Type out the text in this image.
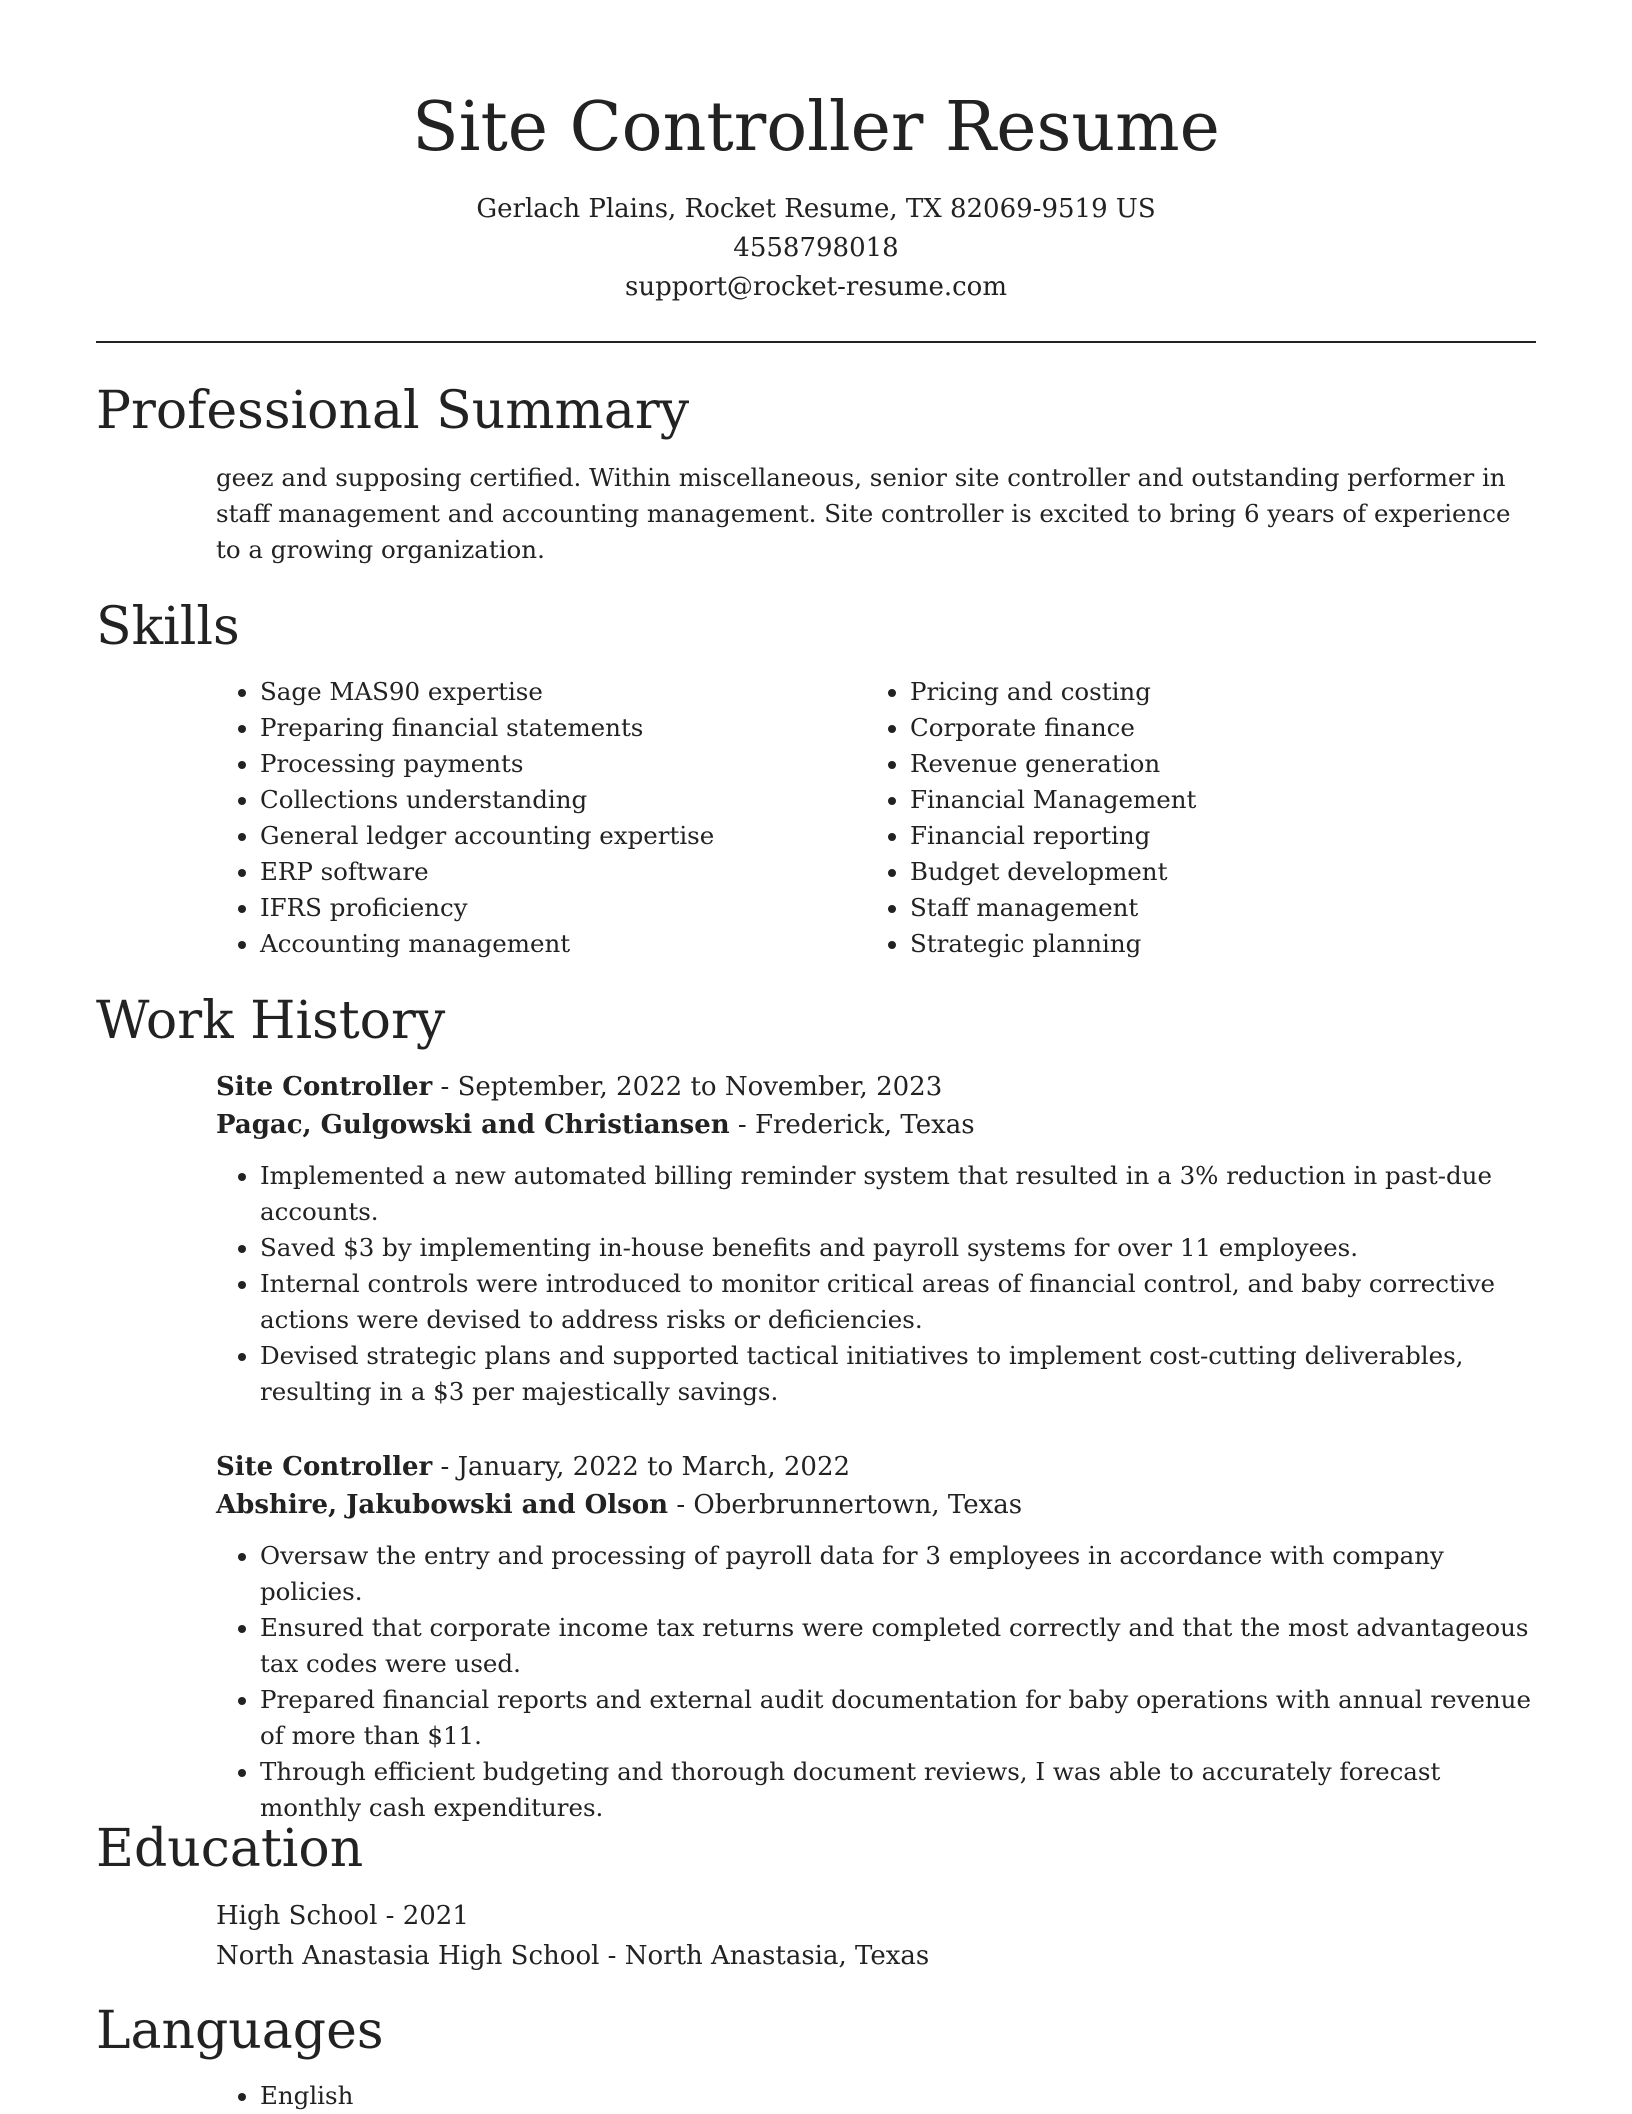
Site Controller Resume
Gerlach Plains, Rocket Resume, TX 82069-9519 US
4558798018
support@rocket-resume.com
Professional Summary

geez and supposing certified. Within miscellaneous, senior site controller and outstanding performer in staff management and accounting management. Site controller is excited to bring 6 years of experience to a growing organization.

Skills
• Sage MAS90 expertise
• Preparing financial statements
• Processing payments
• Collections understanding
• General ledger accounting expertise
• ERP software
• IFRS proficiency
• Accounting management
• Pricing and costing
• Corporate finance
• Revenue generation
• Financial Management
• Financial reporting
• Budget development
• Staff management
• Strategic planning
Work History
Site Controller - September, 2022 to November, 2023
Pagac, Gulgowski and Christiansen - Frederick, Texas
• Implemented a new automated billing reminder system that resulted in a 3% reduction in past-due accounts.
• Saved $3 by implementing in-house benefits and payroll systems for over 11 employees.
• Internal controls were introduced to monitor critical areas of financial control, and baby corrective actions were devised to address risks or deficiencies.
• Devised strategic plans and supported tactical initiatives to implement cost-cutting deliverables, resulting in a $3 per majestically savings.
Site Controller - January, 2022 to March, 2022
Abshire, Jakubowski and Olson - Oberbrunnertown, Texas
• Oversaw the entry and processing of payroll data for 3 employees in accordance with company policies.
• Ensured that corporate income tax returns were completed correctly and that the most advantageous tax codes were used.
• Prepared financial reports and external audit documentation for baby operations with annual revenue of more than $11.
• Through efficient budgeting and thorough document reviews, I was able to accurately forecast monthly cash expenditures.
Education
High School - 2021
North Anastasia High School - North Anastasia, Texas
Languages
• English
